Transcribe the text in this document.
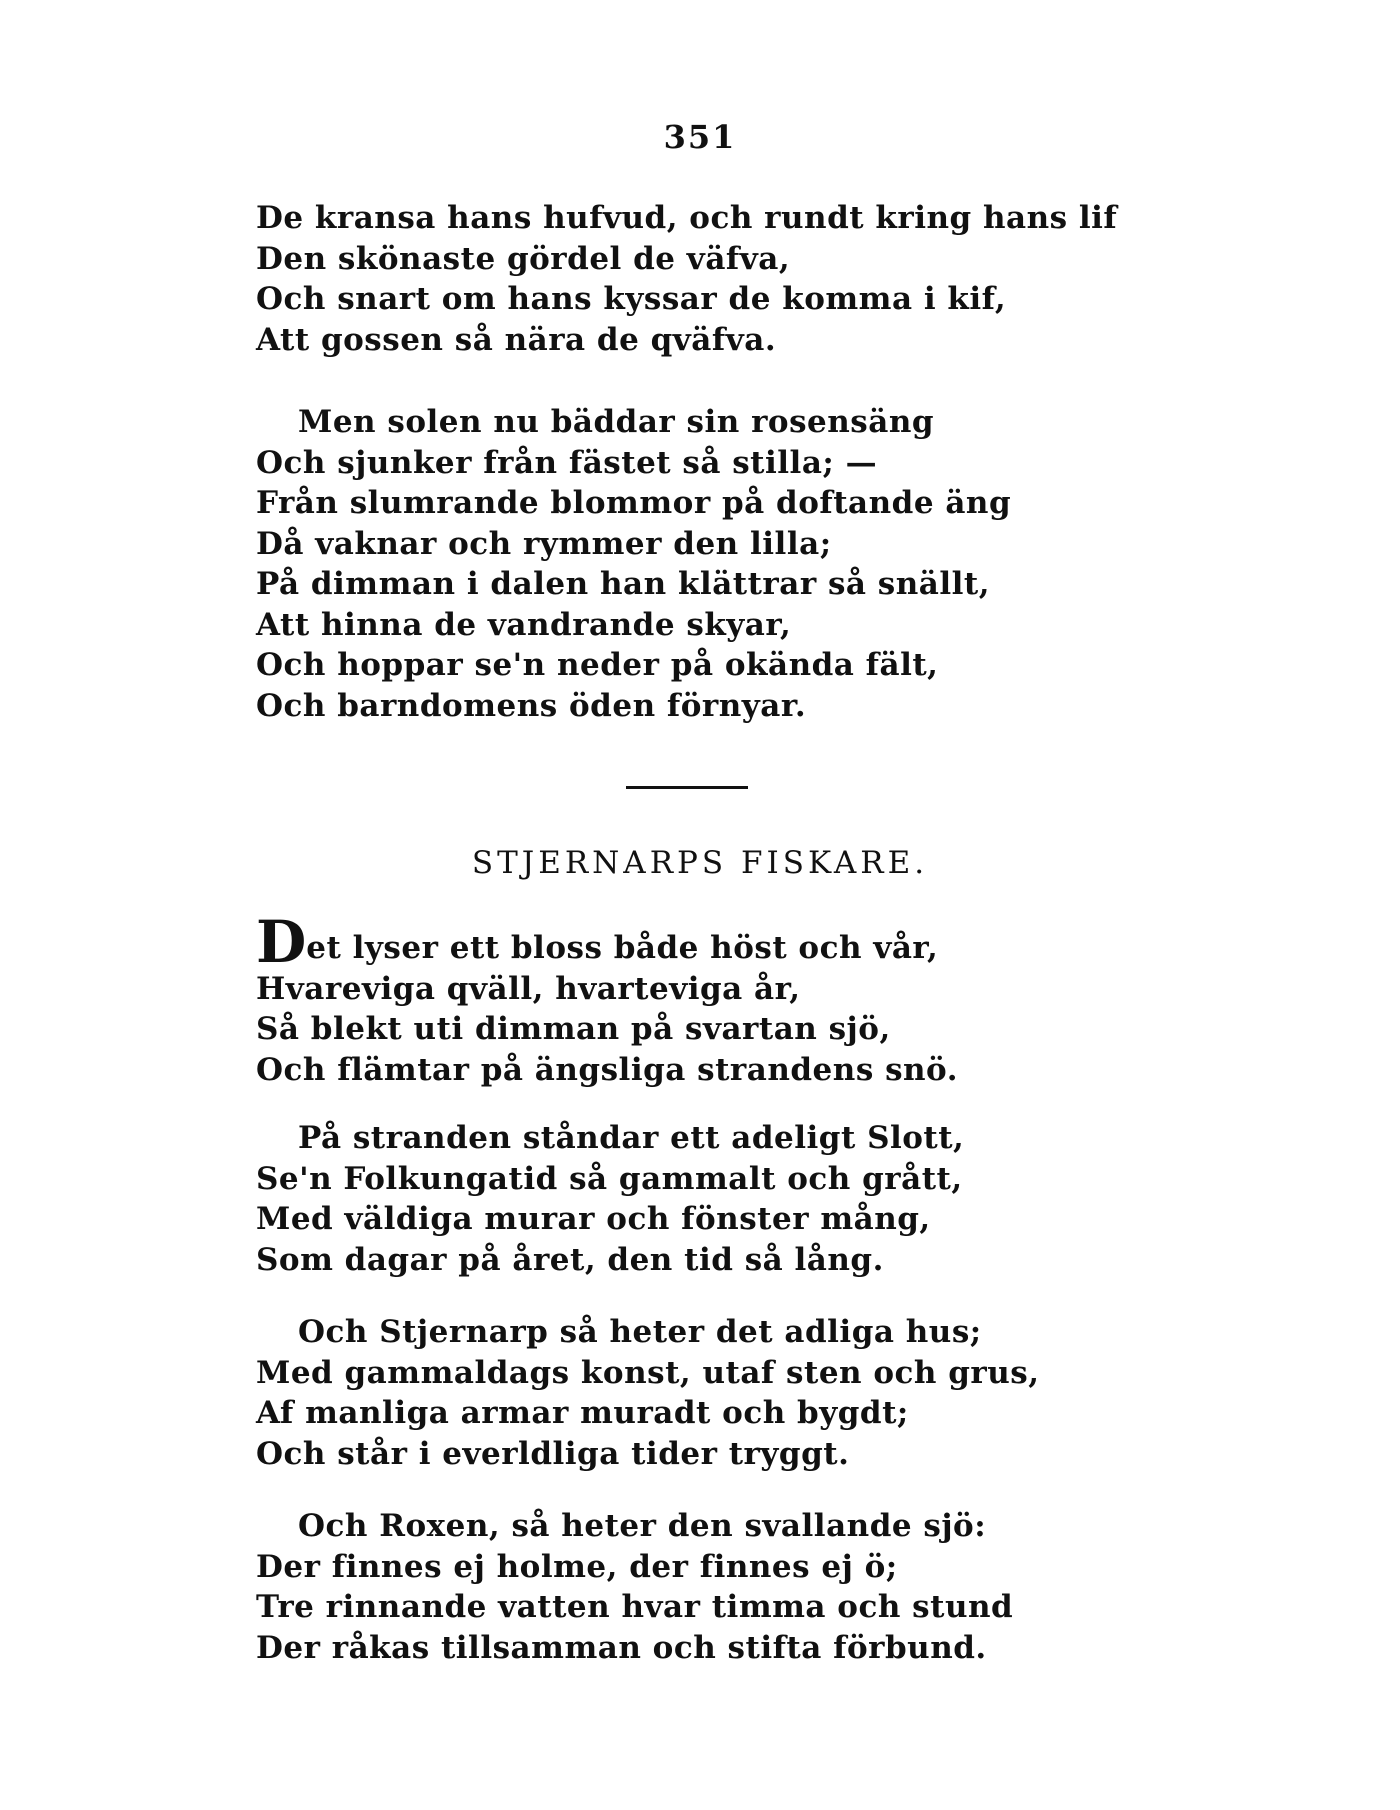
351
De kransa hans hufvud, och rundt kring hans lif
Den skönaste gördel de väfva,
Och snart om hans kyssar de komma i kif,
Att gossen så nära de qväfva.
Men solen nu bäddar sin rosensäng
Och sjunker från fästet så stilla; —
Från slumrande blommor på doftande äng
Då vaknar och rymmer den lilla;
På dimman i dalen han klättrar så snällt,
Att hinna de vandrande skyar,
Och hoppar se'n neder på okända fält,
Och barndomens öden förnyar.
STJERNARPS FISKARE.
Det lyser ett bloss både höst och vår,
Hvareviga qväll, hvarteviga år,
Så blekt uti dimman på svartan sjö,
Och flämtar på ängsliga strandens snö.
På stranden ståndar ett adeligt Slott,
Se'n Folkungatid så gammalt och grått,
Med väldiga murar och fönster mång,
Som dagar på året, den tid så lång.
Och Stjernarp så heter det adliga hus;
Med gammaldags konst, utaf sten och grus,
Af manliga armar muradt och bygdt;
Och står i everldliga tider tryggt.
Och Roxen, så heter den svallande sjö:
Der finnes ej holme, der finnes ej ö;
Tre rinnande vatten hvar timma och stund
Der råkas tillsamman och stifta förbund.
